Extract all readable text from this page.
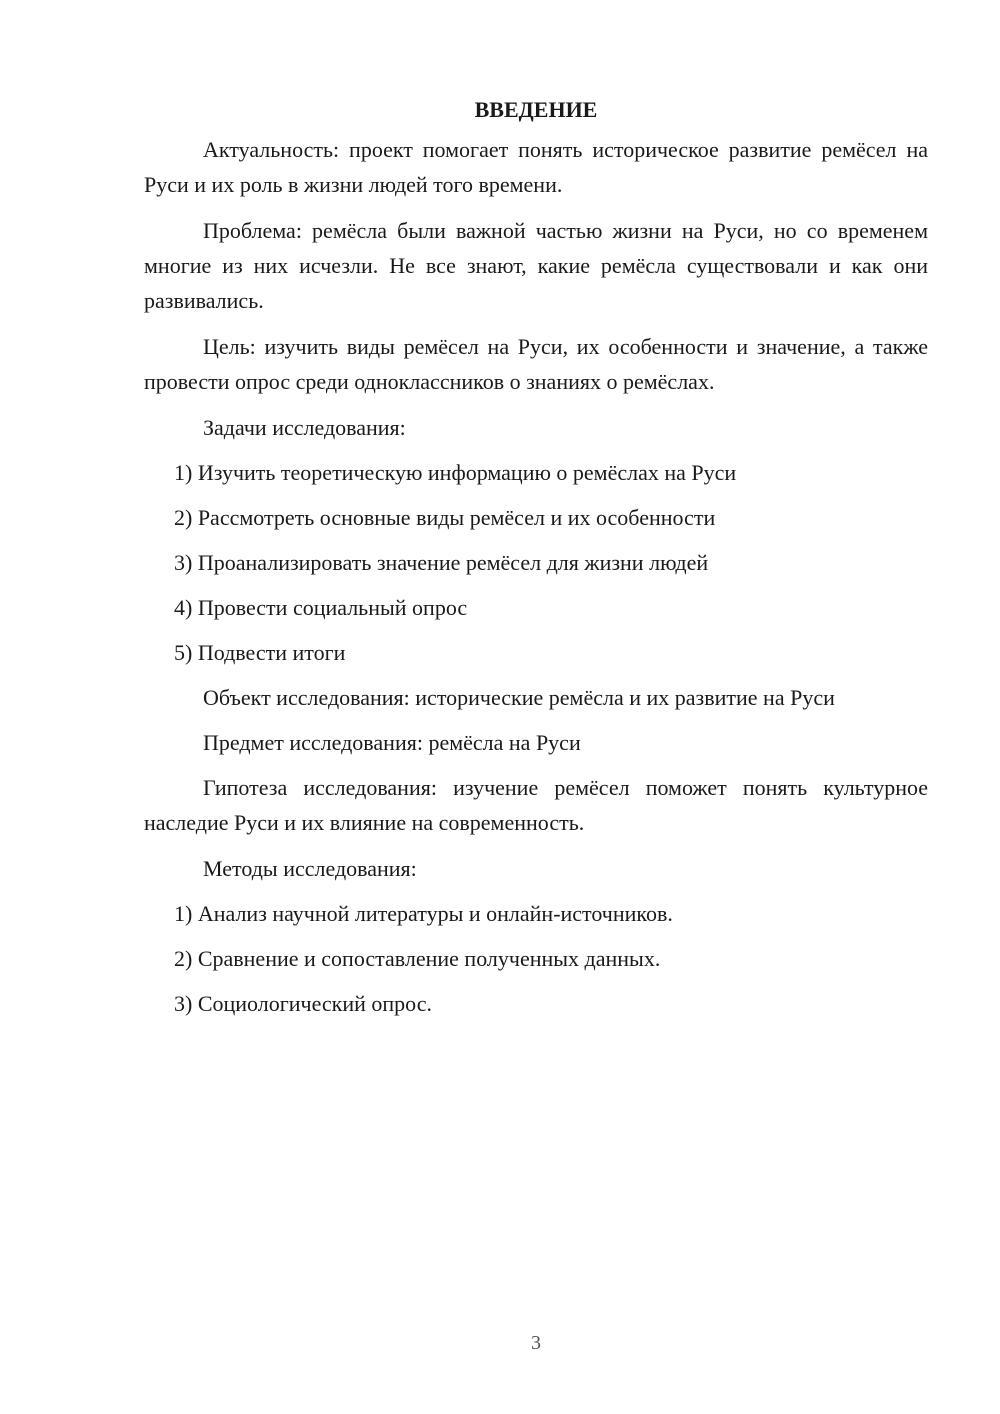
ВВЕДЕНИЕ

Актуальность: проект помогает понять историческое развитие ремёсел на Руси и их роль в жизни людей того времени.

Проблема: ремёсла были важной частью жизни на Руси, но со временем многие из них исчезли. Не все знают, какие ремёсла существовали и как они развивались.

Цель: изучить виды ремёсел на Руси, их особенности и значение, а также провести опрос среди одноклассников о знаниях о ремёслах.

Задачи исследования:
1) Изучить теоретическую информацию о ремёслах на Руси
2) Рассмотреть основные виды ремёсел и их особенности
3) Проанализировать значение ремёсел для жизни людей
4) Провести социальный опрос
5) Подвести итоги
Объект исследования: исторические ремёсла и их развитие на Руси
Предмет исследования: ремёсла на Руси

Гипотеза исследования: изучение ремёсел поможет понять культурное наследие Руси и их влияние на современность.

Методы исследования:
1) Анализ научной литературы и онлайн-источников.
2) Сравнение и сопоставление полученных данных.
3) Социологический опрос.
3
